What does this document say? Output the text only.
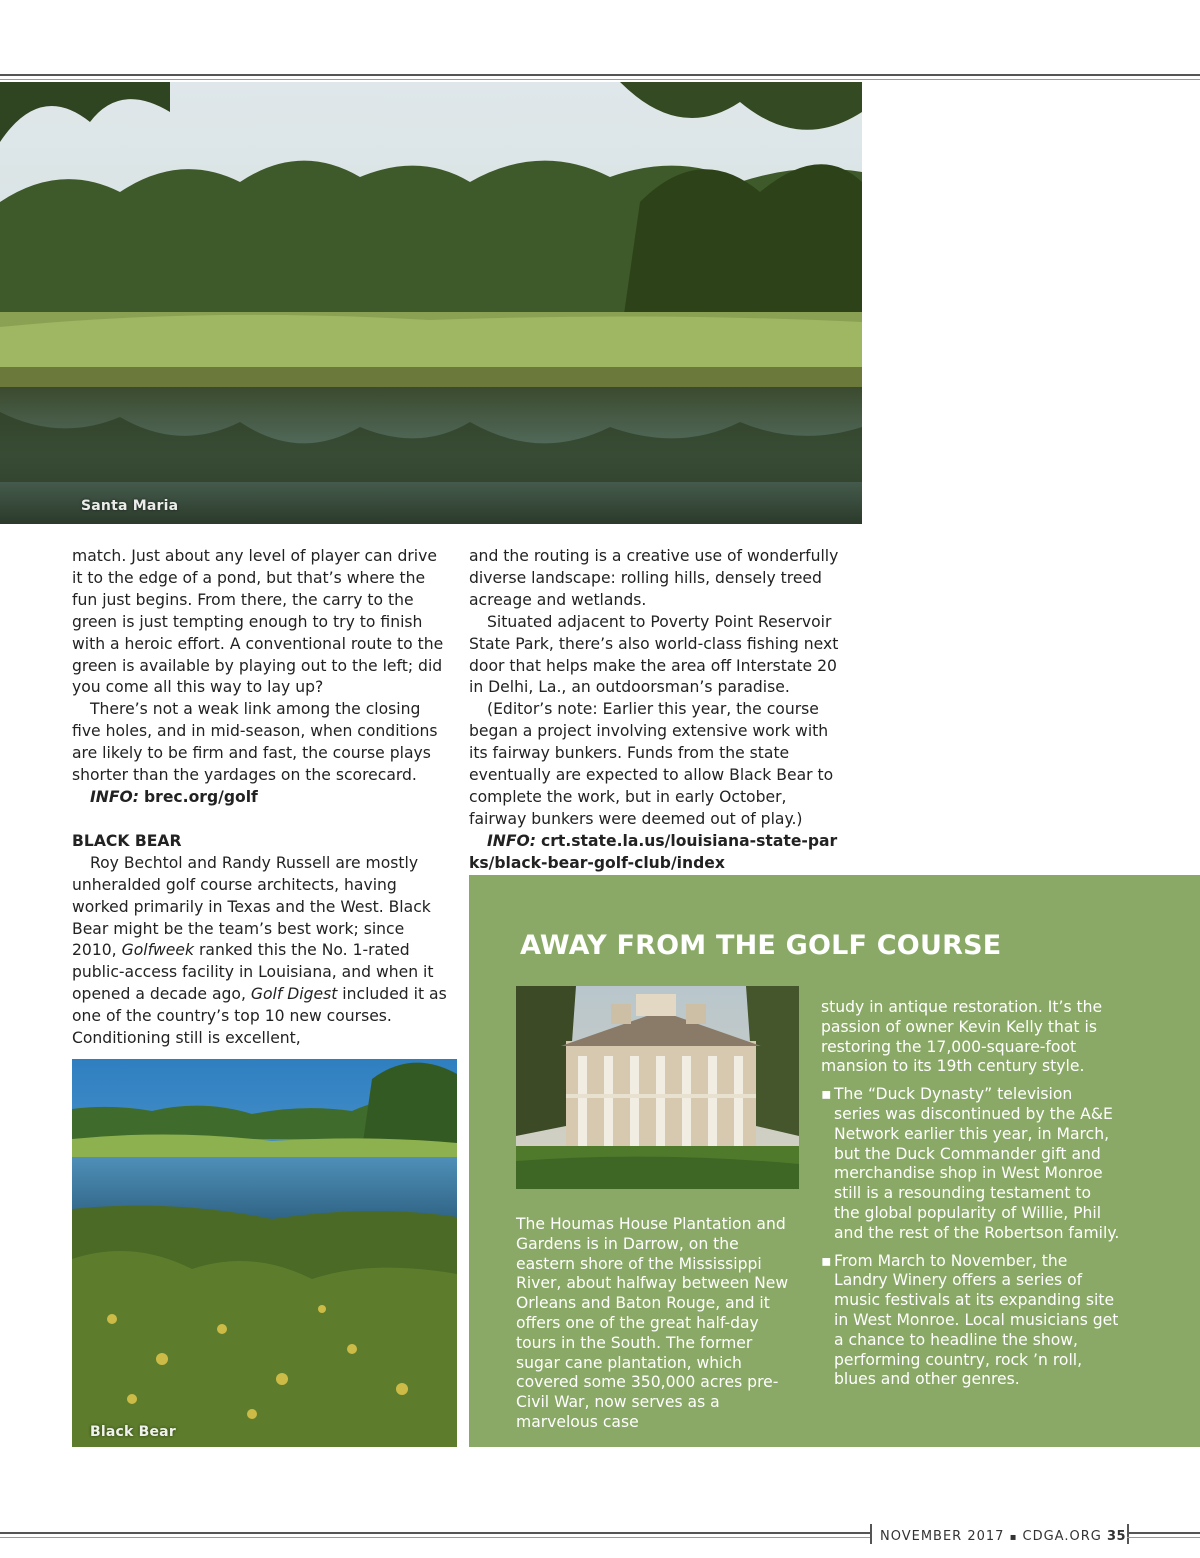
Santa Maria

match. Just about any level of player can drive it to the edge of a pond, but that’s where the fun just begins. From there, the carry to the green is just tempting enough to try to finish with a heroic effort. A conventional route to the green is available by playing out to the left; did you come all this way to lay up?

There’s not a weak link among the closing five holes, and in mid-season, when conditions are likely to be firm and fast, the course plays shorter than the yardages on the scorecard.

INFO: brec.org/golf

BLACK BEAR

Roy Bechtol and Randy Russell are mostly unheralded golf course architects, having worked primarily in Texas and the West. Black Bear might be the team’s best work; since 2010, Golfweek ranked this the No. 1-rated public-access facility in Louisiana, and when it opened a decade ago, Golf Digest included it as one of the country’s top 10 new courses. Conditioning still is excellent,

and the routing is a creative use of wonderfully diverse landscape: rolling hills, densely treed acreage and wetlands.

Situated adjacent to Poverty Point Reservoir State Park, there’s also world-class fishing next door that helps make the area off Interstate 20 in Delhi, La., an outdoorsman’s paradise.

(Editor’s note: Earlier this year, the course began a project involving extensive work with its fairway bunkers. Funds from the state eventually are expected to allow Black Bear to complete the work, but in early October, fairway bunkers were deemed out of play.)

INFO: crt.state.la.us/louisiana-state-parks/black-bear-golf-club/index

Black Bear
AWAY FROM THE GOLF COURSE

The Houmas House Plantation and Gardens is in Darrow, on the eastern shore of the Mississippi River, about halfway between New Orleans and Baton Rouge, and it offers one of the great half-day tours in the South. The former sugar cane plantation, which covered some 350,000 acres pre-Civil War, now serves as a marvelous case

study in antique restoration. It’s the passion of owner Kevin Kelly that is restoring the 17,000-square-foot mansion to its 19th century style.

▪ The “Duck Dynasty” television series was discontinued by the A&E Network earlier this year, in March, but the Duck Commander gift and merchandise shop in West Monroe still is a resounding testament to the global popularity of Willie, Phil and the rest of the Robertson family.
▪ From March to November, the Landry Winery offers a series of music festivals at its expanding site in West Monroe. Local musicians get a chance to headline the show, performing country, rock ’n roll, blues and other genres.
NOVEMBER 2017 ▪ CDGA.ORG 35
